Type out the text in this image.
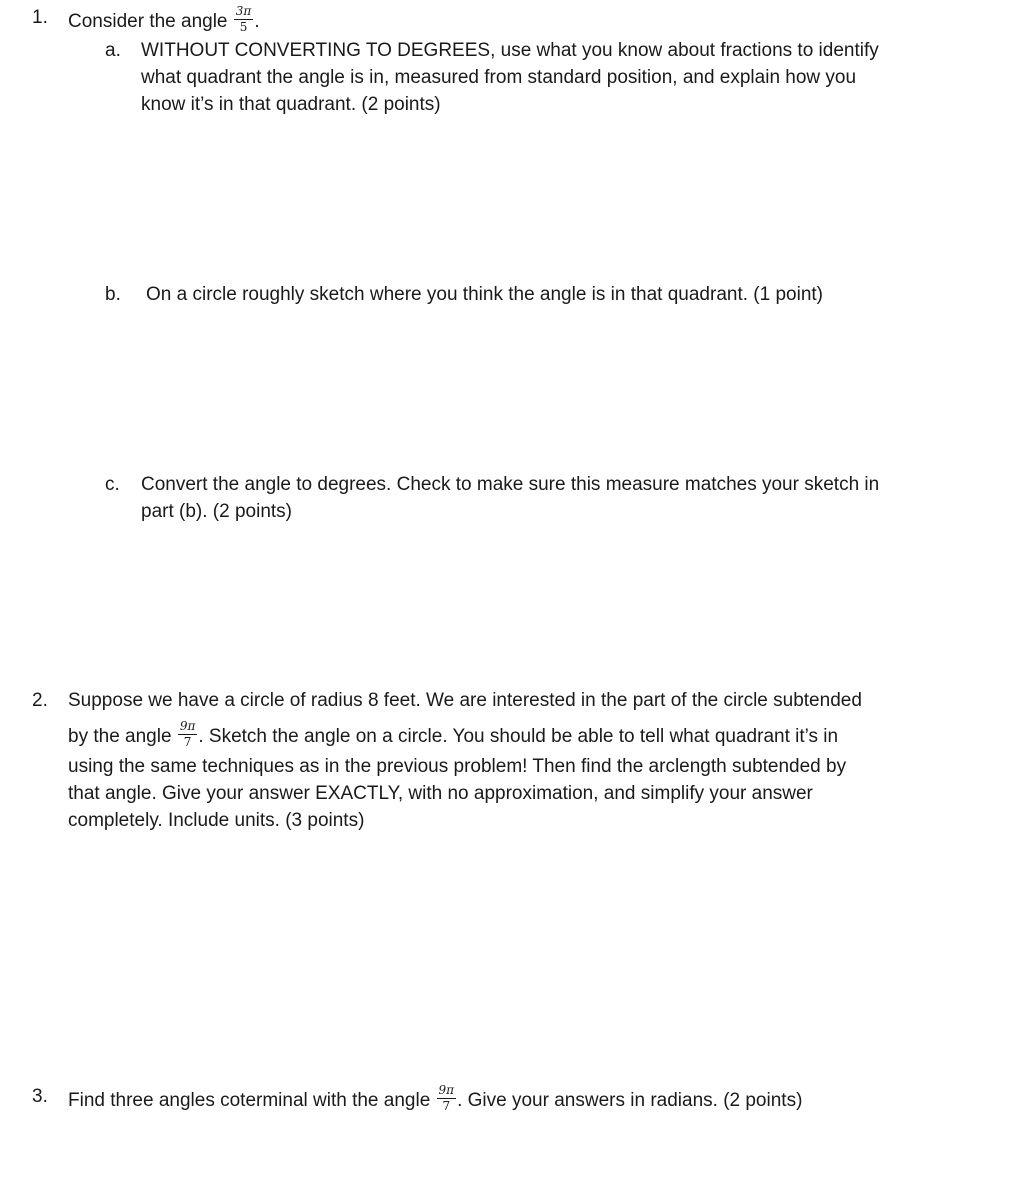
1. Consider the angle $\frac{3\pi}{5}$ .
a. WITHOUT CONVERTING TO DEGREES, use what you know about fractions to identify
what quadrant the angle is in, measured from standard position, and explain how you
know it’s in that quadrant. (2 points)
b. On a circle roughly sketch where you think the angle is in that quadrant. (1 point)
c. Convert the angle to degrees. Check to make sure this measure matches your sketch in
part (b). (2 points)
2. Suppose we have a circle of radius 8 feet. We are interested in the part of the circle subtended
by the angle $\frac{9\pi}{7}$ . Sketch the angle on a circle. You should be able to tell what quadrant it’s in
using the same techniques as in the previous problem! Then find the arclength subtended by
that angle. Give your answer EXACTLY, with no approximation, and simplify your answer
completely. Include units. (3 points)
3. Find three angles coterminal with the angle $\frac{9\pi}{7}$ . Give your answers in radians. (2 points)
